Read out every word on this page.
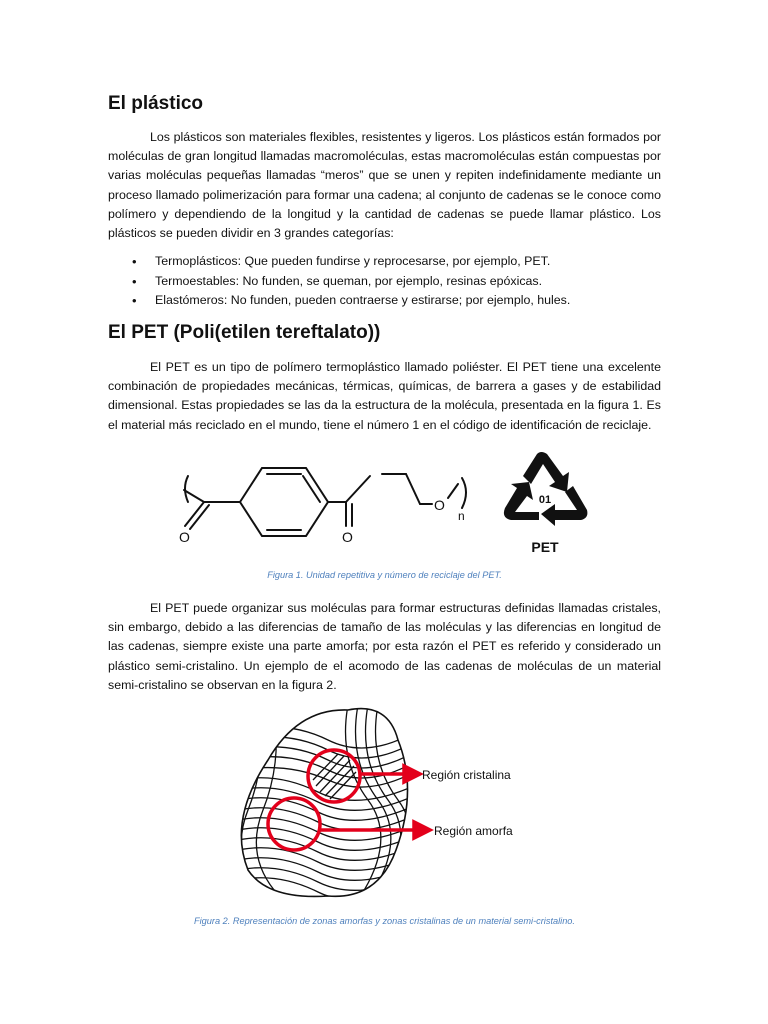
El plástico

Los plásticos son materiales flexibles, resistentes y ligeros. Los plásticos están formados por moléculas de gran longitud llamadas macromoléculas, estas macromoléculas están compuestas por varias moléculas pequeñas llamadas “meros” que se unen y repiten indefinidamente mediante un proceso llamado polimerización para formar una cadena; al conjunto de cadenas se le conoce como polímero y dependiendo de la longitud y la cantidad de cadenas se puede llamar plástico. Los plásticos se pueden dividir en 3 grandes categorías:

• Termoplásticos: Que pueden fundirse y reprocesarse, por ejemplo, PET.
• Termoestables: No funden, se queman, por ejemplo, resinas epóxicas.
• Elastómeros: No funden, pueden contraerse y estirarse; por ejemplo, hules.
El PET (Poli(etilen tereftalato))

El PET es un tipo de polímero termoplástico llamado poliéster. El PET tiene una excelente combinación de propiedades mecánicas, térmicas, químicas, de barrera a gases y de estabilidad dimensional. Estas propiedades se las da la estructura de la molécula, presentada en la figura 1. Es el material más reciclado en el mundo, tiene el número 1 en el código de identificación de reciclaje.

O	O
O
n
01
PET

Figura 1. Unidad repetitiva y número de reciclaje del PET.

El PET puede organizar sus moléculas para formar estructuras definidas llamadas cristales, sin embargo, debido a las diferencias de tamaño de las moléculas y las diferencias en longitud de las cadenas, siempre existe una parte amorfa; por esta razón el PET es referido y considerado un plástico semi-cristalino. Un ejemplo de el acomodo de las cadenas de moléculas de un material semi-cristalino se observan en la figura 2.

Región cristalina
Región amorfa

Figura 2. Representación de zonas amorfas y zonas cristalinas de un material semi-cristalino.
